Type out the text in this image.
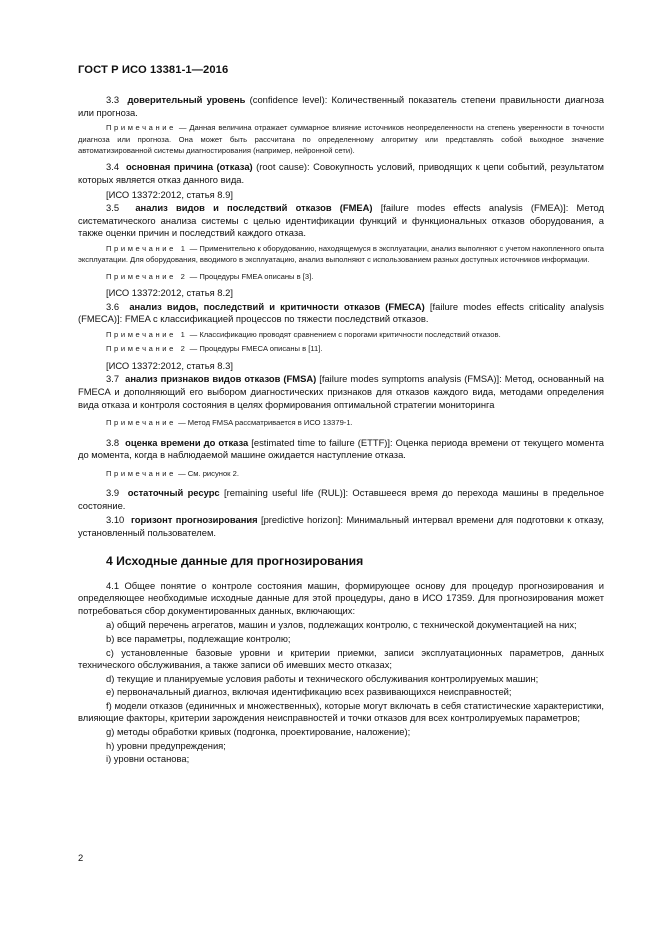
ГОСТ Р ИСО 13381-1—2016

3.3 доверительный уровень (confidence level): Количественный показатель степени правильности диагноза или прогноза.

Примечание — Данная величина отражает суммарное влияние источников неопределенности на степень уверенности в точности диагноза или прогноза. Она может быть рассчитана по определенному алгоритму или представлять собой выходное значение автоматизированной системы диагностирования (например, нейронной сети).

3.4 основная причина (отказа) (root cause): Совокупность условий, приводящих к цепи событий, результатом которых является отказ данного вида.

[ИСО 13372:2012, статья 8.9]

3.5 анализ видов и последствий отказов (FMEA) [failure modes effects analysis (FMEA)]: Метод систематического анализа системы с целью идентификации функций и функциональных отказов оборудования, а также оценки причин и последствий каждого отказа.

Примечание 1 — Применительно к оборудованию, находящемуся в эксплуатации, анализ выполняют с учетом накопленного опыта эксплуатации. Для оборудования, вводимого в эксплуатацию, анализ выполняют с использованием разных доступных источников информации.

Примечание 2 — Процедуры FMEA описаны в [3].

[ИСО 13372:2012, статья 8.2]

3.6 анализ видов, последствий и критичности отказов (FMECA) [failure modes effects criticality analysis (FMECA)]: FMEA с классификацией процессов по тяжести последствий отказов.

Примечание 1 — Классификацию проводят сравнением с порогами критичности последствий отказов.

Примечание 2 — Процедуры FMECA описаны в [11].

[ИСО 13372:2012, статья 8.3]

3.7 анализ признаков видов отказов (FMSA) [failure modes symptoms analysis (FMSA)]: Метод, основанный на FMECA и дополняющий его выбором диагностических признаков для отказов каждого вида, методами определения вида отказа и контроля состояния в целях формирования оптимальной стратегии мониторинга

Примечание — Метод FMSA рассматривается в ИСО 13379-1.

3.8 оценка времени до отказа [estimated time to failure (ETTF)]: Оценка периода времени от текущего момента до момента, когда в наблюдаемой машине ожидается наступление отказа.

Примечание — См. рисунок 2.

3.9 остаточный ресурс [remaining useful life (RUL)]: Оставшееся время до перехода машины в предельное состояние.

3.10 горизонт прогнозирования [predictive horizon]: Минимальный интервал времени для подготовки к отказу, установленный пользователем.

4 Исходные данные для прогнозирования

4.1 Общее понятие о контроле состояния машин, формирующее основу для процедур прогнозирования и определяющее необходимые исходные данные для этой процедуры, дано в ИСО 17359. Для прогнозирования может потребоваться сбор документированных данных, включающих:

a) общий перечень агрегатов, машин и узлов, подлежащих контролю, с технической документацией на них;

b) все параметры, подлежащие контролю;

c) установленные базовые уровни и критерии приемки, записи эксплуатационных параметров, данных технического обслуживания, а также записи об имевших место отказах;

d) текущие и планируемые условия работы и технического обслуживания контролируемых машин;

e) первоначальный диагноз, включая идентификацию всех развивающихся неисправностей;

f) модели отказов (единичных и множественных), которые могут включать в себя статистические характеристики, влияющие факторы, критерии зарождения неисправностей и точки отказов для всех контролируемых параметров;

g) методы обработки кривых (подгонка, проектирование, наложение);

h) уровни предупреждения;

i) уровни останова;

2
